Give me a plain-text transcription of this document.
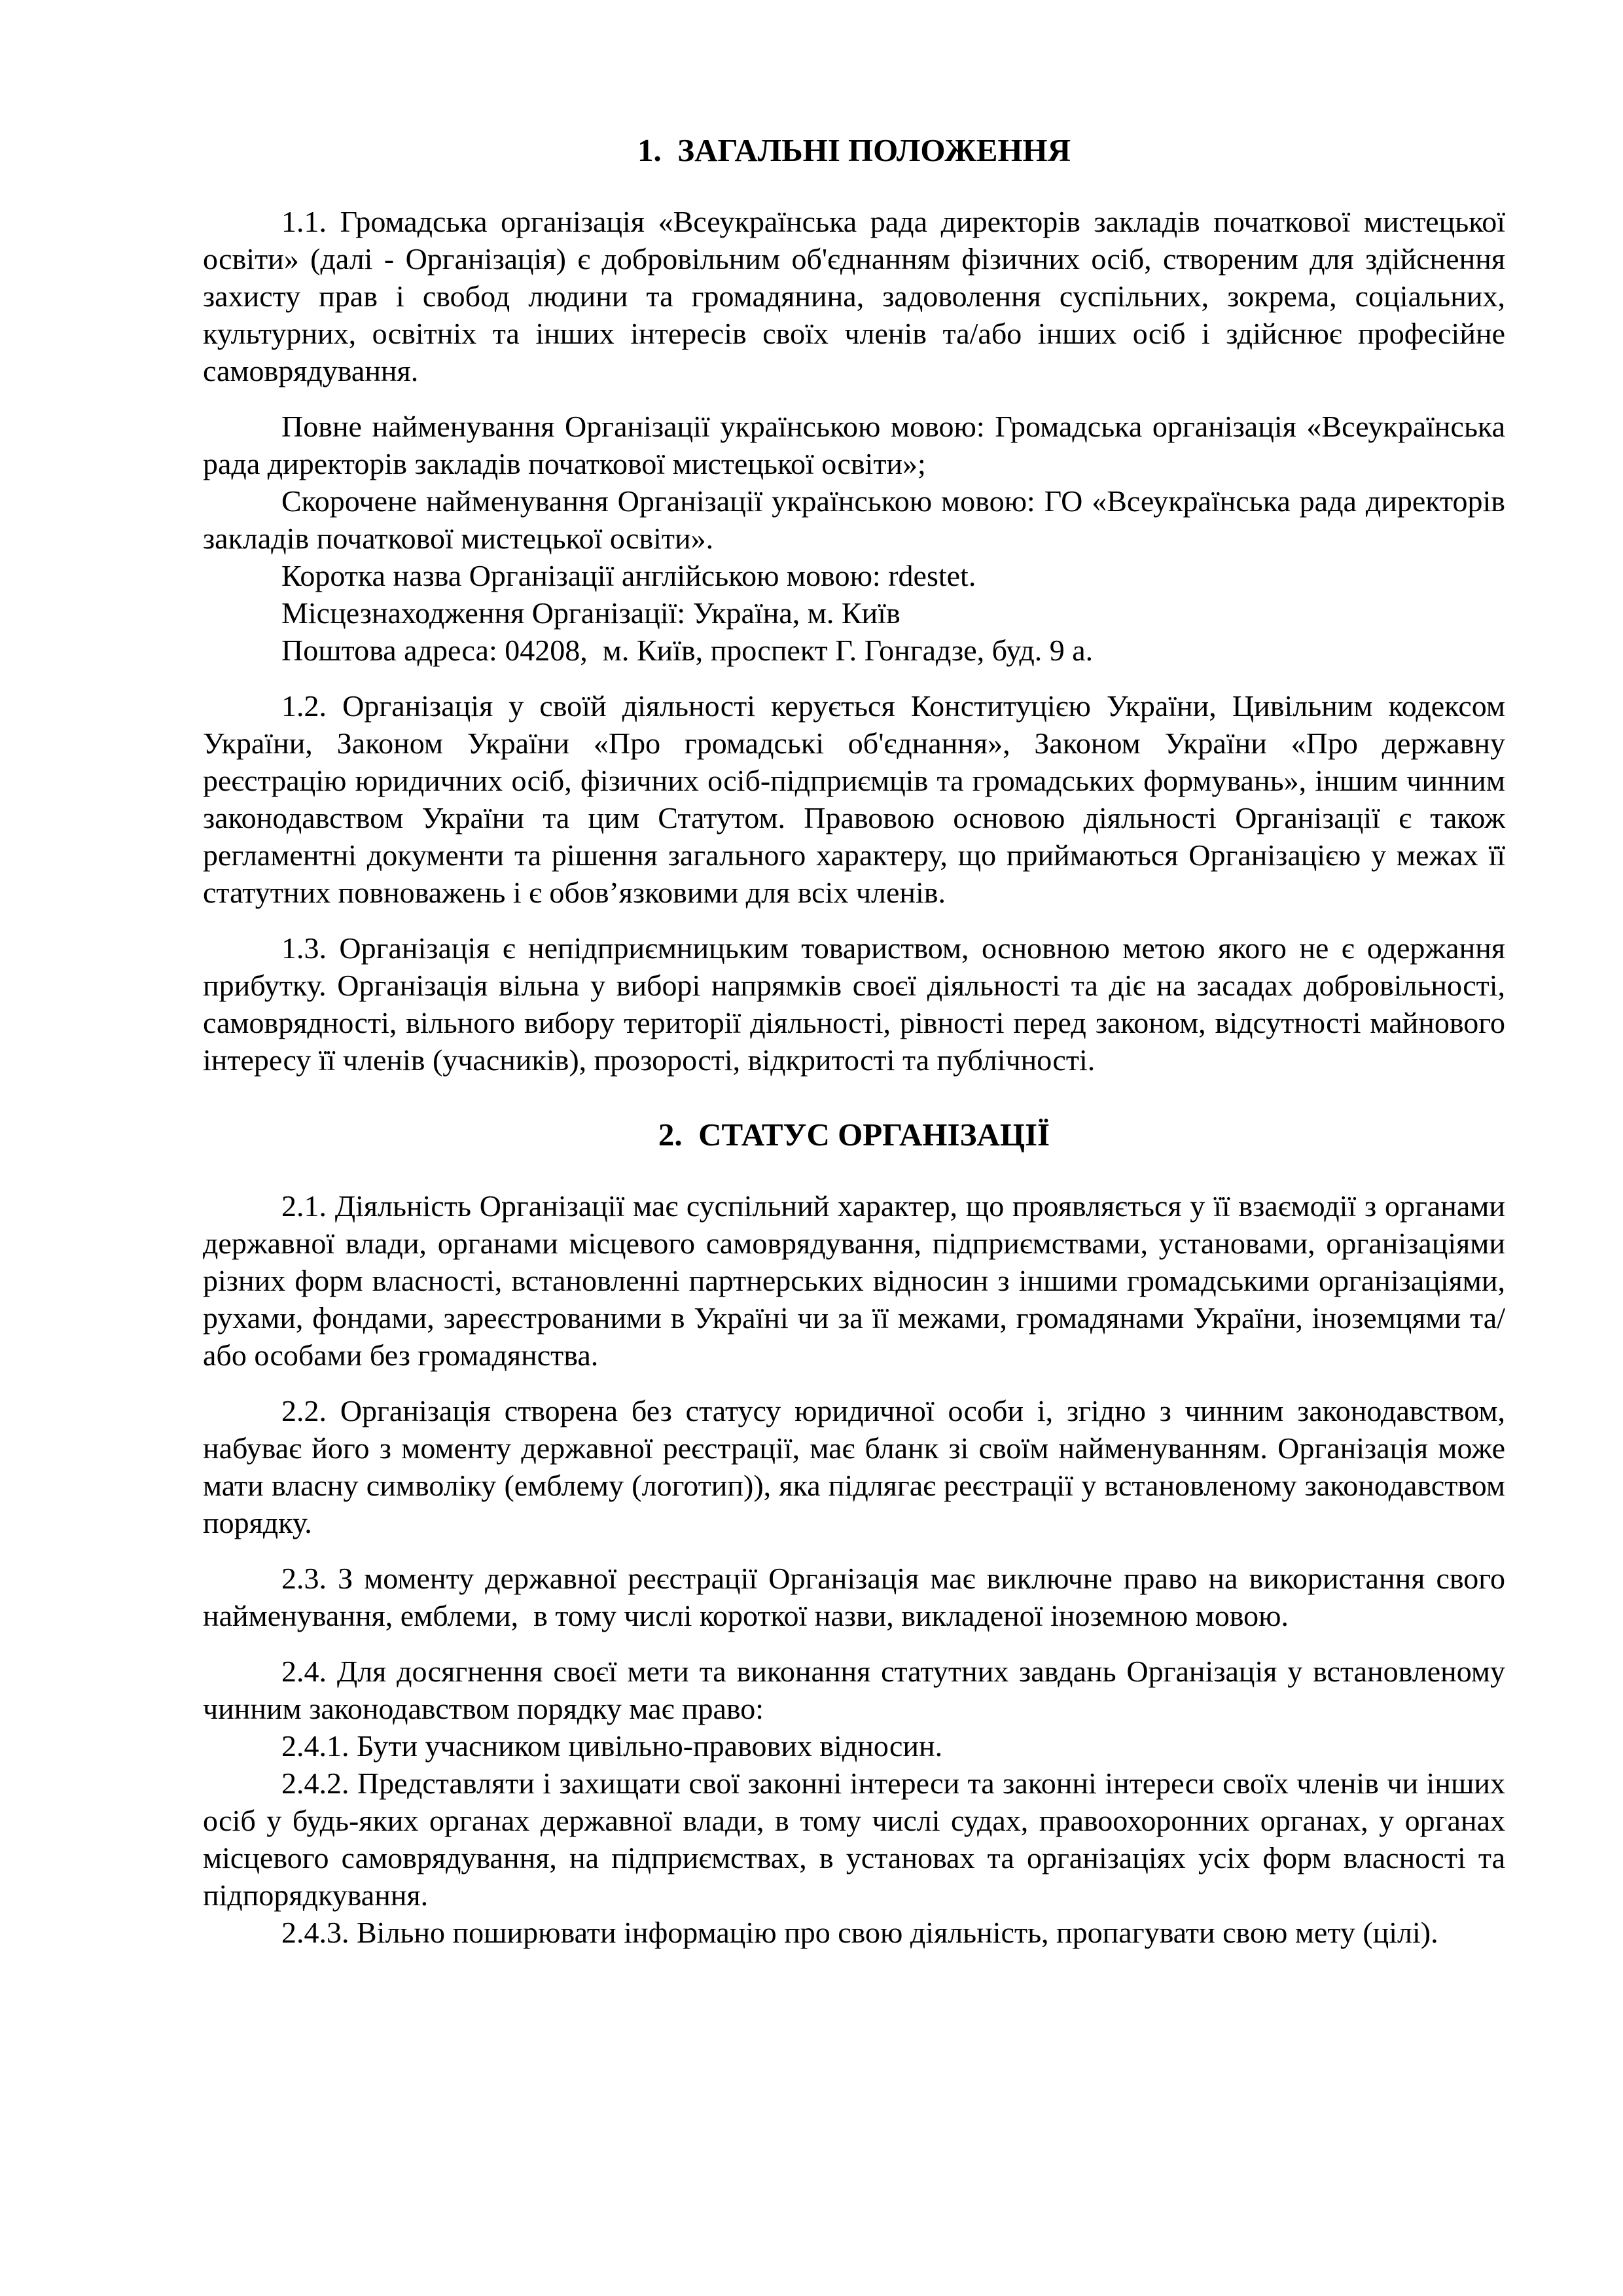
1.  ЗАГАЛЬНІ ПОЛОЖЕННЯ

1.1. Громадська організація «Всеукраїнська рада директорів закладів початкової мистецької освіти» (далі - Організація) є добровільним об'єднанням фізичних осіб, створеним для здійснення захисту прав і свобод людини та громадянина, задоволення суспільних, зокрема, соціальних, культурних, освітніх та інших інтересів своїх членів та/або інших осіб і здійснює професійне самоврядування.

Повне найменування Організації українською мовою: Громадська організація «Всеукраїнська рада директорів закладів початкової мистецької освіти»;

Скорочене найменування Організації українською мовою: ГО «Всеукраїнська рада директорів закладів початкової мистецької освіти».

Коротка назва Організації англійською мовою: rdestet.

Місцезнаходження Організації: Україна, м. Київ

Поштова адреса: 04208,  м. Київ, проспект Г. Гонгадзе, буд. 9 а.

1.2. Організація у своїй діяльності керується Конституцією України, Цивільним кодексом України, Законом України «Про громадські об'єднання», Законом України «Про державну реєстрацію юридичних осіб, фізичних осіб-підприємців та громадських формувань», іншим чинним законодавством України та цим Статутом. Правовою основою діяльності Організації є також регламентні документи та рішення загального характеру, що приймаються Організацією у межах її статутних повноважень і є обов’язковими для всіх членів.

1.3. Організація є непідприємницьким товариством, основною метою якого не є одержання прибутку. Організація вільна у виборі напрямків своєї діяльності та діє на засадах добровільності, самоврядності, вільного вибору території діяльності, рівності перед законом, відсутності майнового інтересу її членів (учасників), прозорості, відкритості та публічності.

2.  СТАТУС ОРГАНІЗАЦІЇ

2.1. Діяльність Організації має суспільний характер, що проявляється у її взаємодії з органами державної влади, органами місцевого самоврядування, підприємствами, установами, організаціями різних форм власності, встановленні партнерських відносин з іншими громадськими організаціями, рухами, фондами, зареєстрованими в Україні чи за її межами, громадянами України, іноземцями та/або особами без громадянства.

2.2. Організація створена без статусу юридичної особи і, згідно з чинним законодавством, набуває його з моменту державної реєстрації, має бланк зі своїм найменуванням. Організація може мати власну символіку (емблему (логотип)), яка підлягає реєстрації у встановленому законодавством порядку.

2.3. З моменту державної реєстрації Організація має виключне право на використання свого найменування, емблеми,  в тому числі короткої назви, викладеної іноземною мовою.

2.4. Для досягнення своєї мети та виконання статутних завдань Організація у встановленому чинним законодавством порядку має право:

2.4.1. Бути учасником цивільно-правових відносин.

2.4.2. Представляти і захищати свої законні інтереси та законні інтереси своїх членів чи інших осіб у будь-яких органах державної влади, в тому числі судах, правоохоронних органах, у органах місцевого самоврядування, на підприємствах, в установах та організаціях усіх форм власності та підпорядкування.

2.4.3. Вільно поширювати інформацію про свою діяльність, пропагувати свою мету (цілі).
